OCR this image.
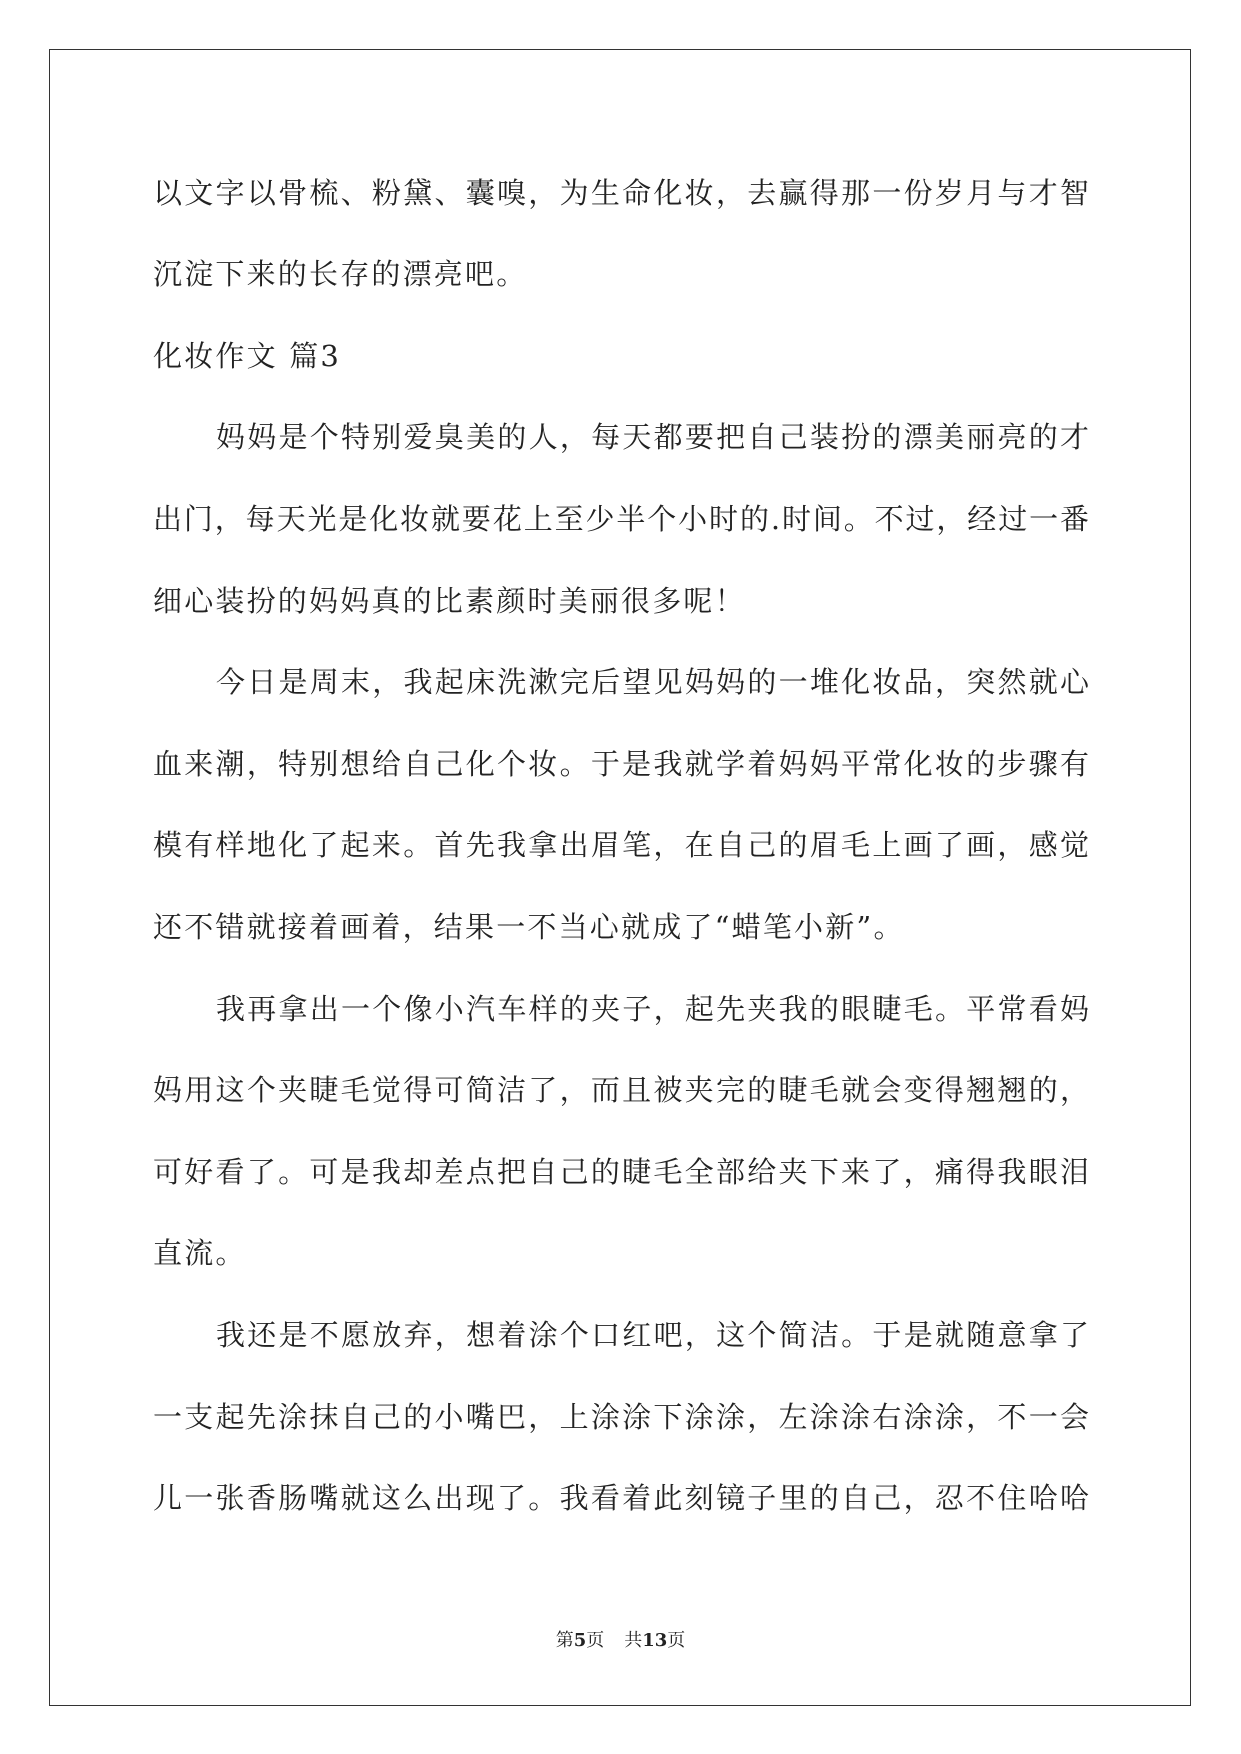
以文字以骨梳、粉黛、囊嗅，为生命化妆，去赢得那一份岁月与才智
沉淀下来的长存的漂亮吧。
化妆作文 篇3
妈妈是个特别爱臭美的人，每天都要把自己装扮的漂美丽亮的才
出门，每天光是化妆就要花上至少半个小时的.时间。不过，经过一番
细心装扮的妈妈真的比素颜时美丽很多呢！
今日是周末，我起床洗漱完后望见妈妈的一堆化妆品，突然就心
血来潮，特别想给自己化个妆。于是我就学着妈妈平常化妆的步骤有
模有样地化了起来。首先我拿出眉笔，在自己的眉毛上画了画，感觉
还不错就接着画着，结果一不当心就成了“蜡笔小新”。
我再拿出一个像小汽车样的夹子，起先夹我的眼睫毛。平常看妈
妈用这个夹睫毛觉得可简洁了，而且被夹完的睫毛就会变得翘翘的，
可好看了。可是我却差点把自己的睫毛全部给夹下来了，痛得我眼泪
直流。
我还是不愿放弃，想着涂个口红吧，这个简洁。于是就随意拿了
一支起先涂抹自己的小嘴巴，上涂涂下涂涂，左涂涂右涂涂，不一会
儿一张香肠嘴就这么出现了。我看着此刻镜子里的自己，忍不住哈哈
第5页 共13页
